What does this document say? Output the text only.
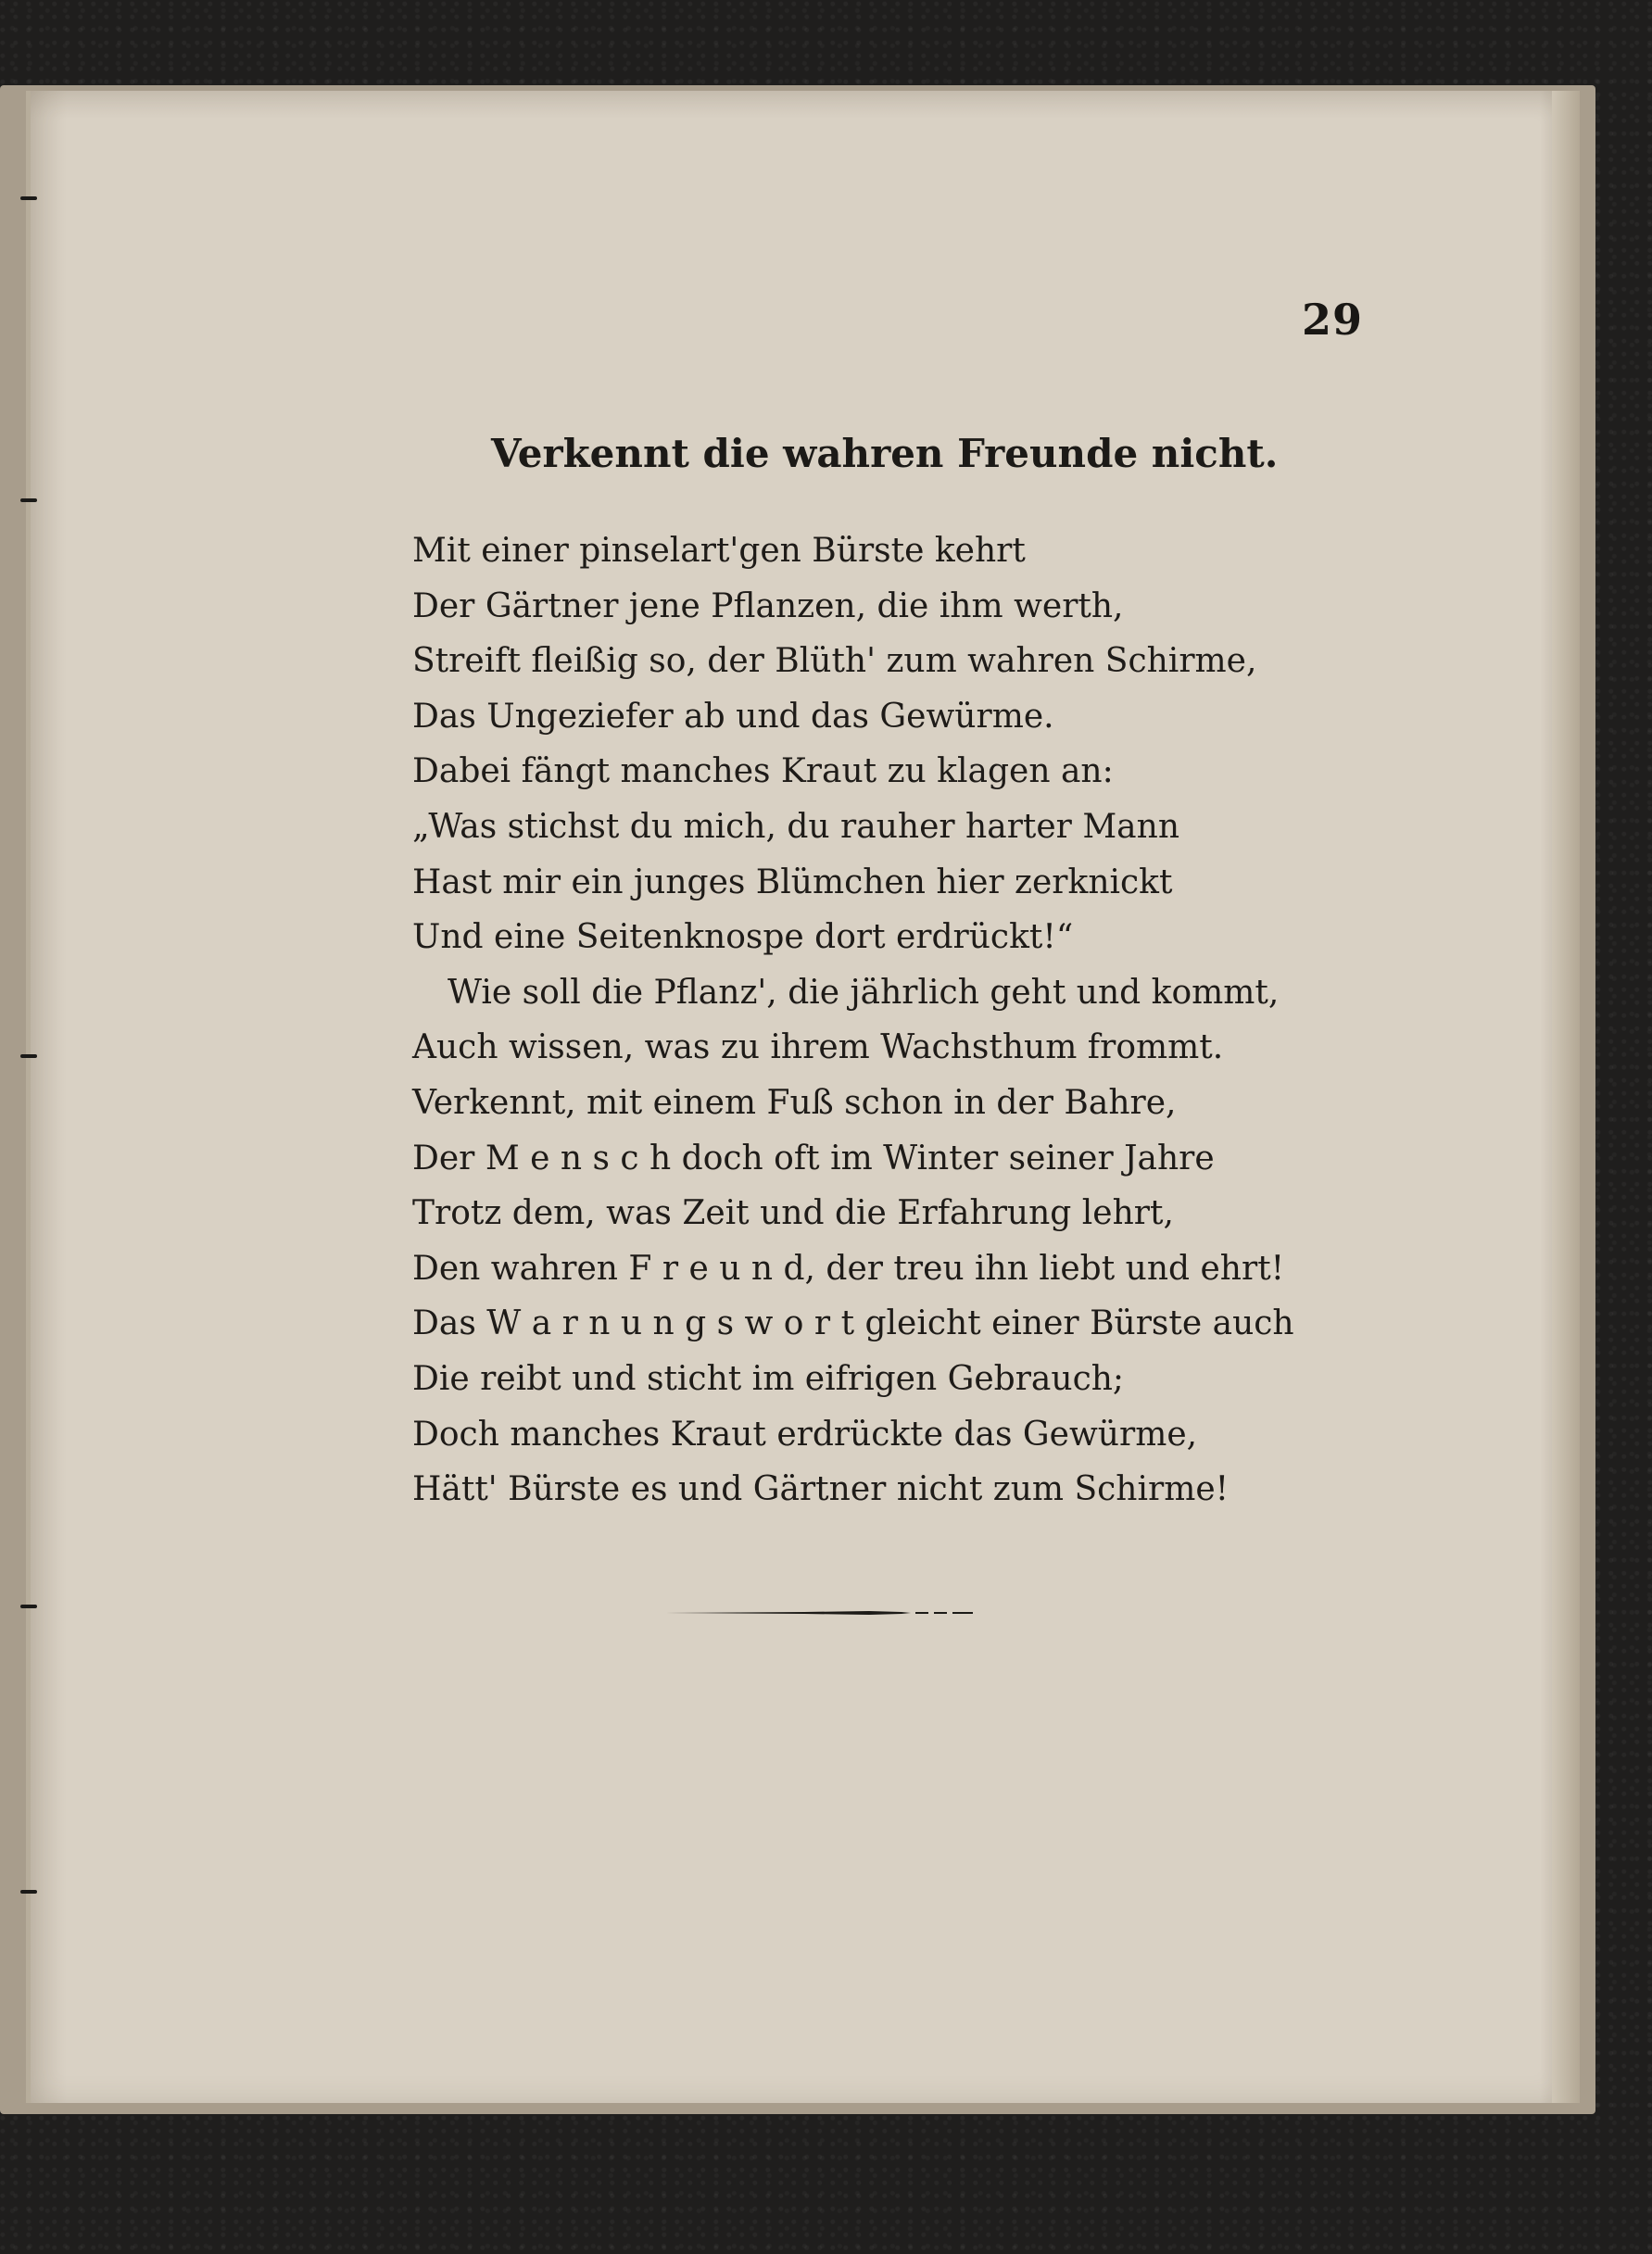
29
Verkennt die wahren Freunde nicht.
Mit einer pinselart'gen Bürste kehrt
Der Gärtner jene Pflanzen, die ihm werth,
Streift fleißig so, der Blüth' zum wahren Schirme,
Das Ungeziefer ab und das Gewürme.
Dabei fängt manches Kraut zu klagen an:
„Was stichst du mich, du rauher harter Mann
Hast mir ein junges Blümchen hier zerknickt
Und eine Seitenknospe dort erdrückt!“
Wie soll die Pflanz', die jährlich geht und kommt,
Auch wissen, was zu ihrem Wachsthum frommt.
Verkennt, mit einem Fuß schon in der Bahre,
Der M e n s c h doch oft im Winter seiner Jahre
Trotz dem, was Zeit und die Erfahrung lehrt,
Den wahren F r e u n d, der treu ihn liebt und ehrt!
Das W a r n u n g s w o r t gleicht einer Bürste auch
Die reibt und sticht im eifrigen Gebrauch;
Doch manches Kraut erdrückte das Gewürme,
Hätt' Bürste es und Gärtner nicht zum Schirme!
